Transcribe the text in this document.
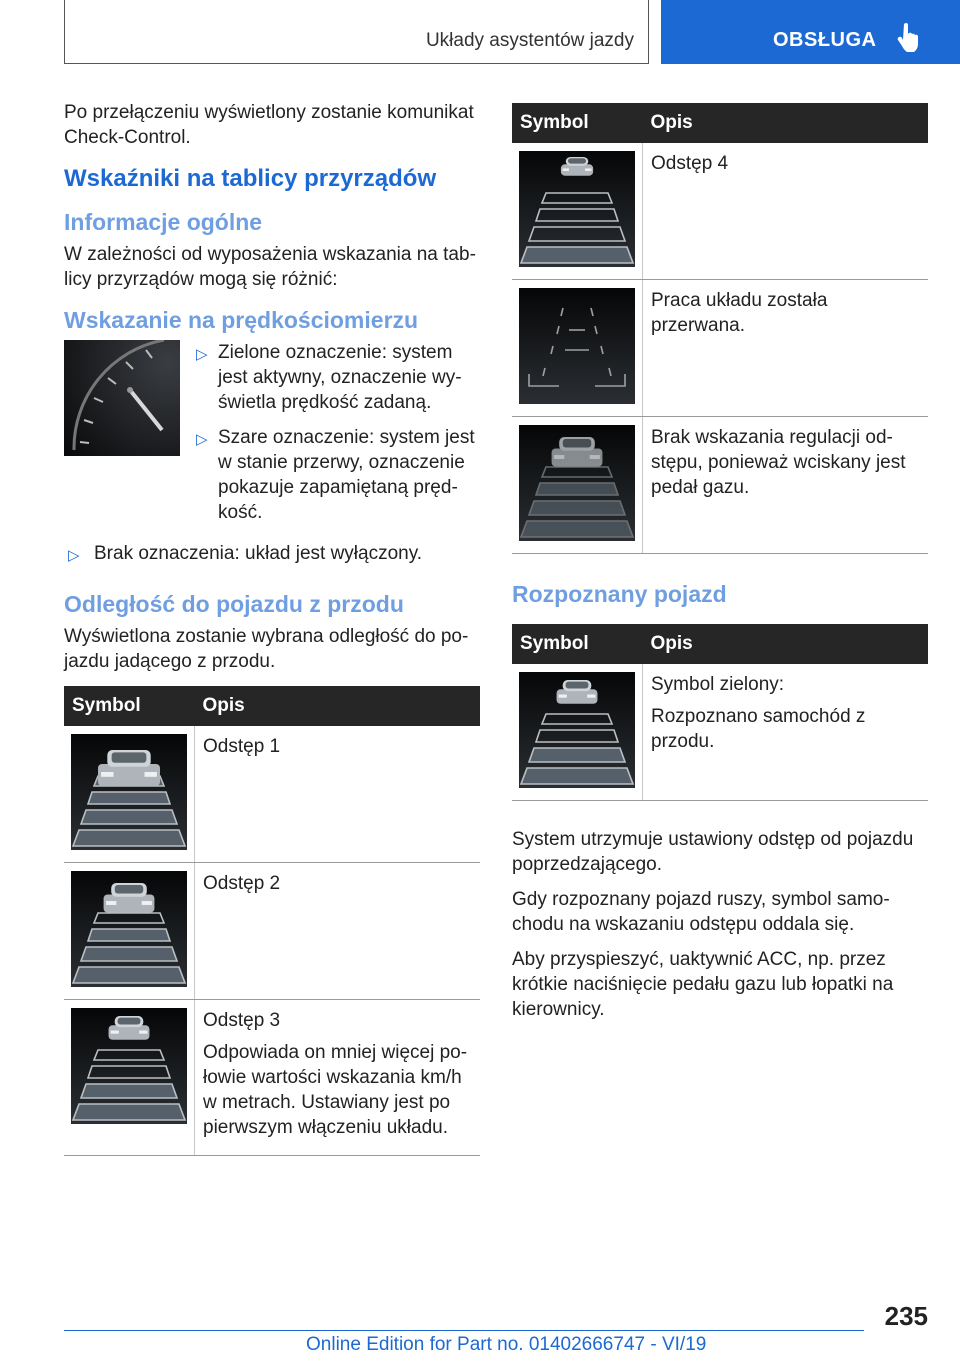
Układy asystentów jazdy	OBSŁUGA

Po przełączeniu wyświetlony zostanie komunikat Check-Control.

Wskaźniki na tablicy przyrządów
Informacje ogólne

W zależności od wyposażenia wskazania na tablicy przyrządów mogą się różnić:

Wskazanie na prędkościomierzu
▷ Zielone oznaczenie: system jest aktywny, oznaczenie wyświetla prędkość zadaną.
▷ Szare oznaczenie: system jest w stanie przerwy, oznaczenie pokazuje zapamiętaną prędkość.
▷ Brak oznaczenia: układ jest wyłączony.
Odległość do pojazdu z przodu

Wyświetlona zostanie wybrana odległość do pojazdu jadącego z przodu.

Symbol	Opis

Odstęp 1

Odstęp 2

Odstęp 3

Odpowiada on mniej więcej połowie wartości wskazania km/h w metrach. Ustawiany jest po pierwszym włączeniu układu.

Symbol	Opis

Odstęp 4

Praca układu została przerwana.

Brak wskazania regulacji odstępu, ponieważ wciskany jest pedał gazu.

Rozpoznany pojazd
Symbol	Opis

Symbol zielony:

Rozpoznano samochód z przodu.

System utrzymuje ustawiony odstęp od pojazdu poprzedzającego.

Gdy rozpoznany pojazd ruszy, symbol samochodu na wskazaniu odstępu oddala się.

Aby przyspieszyć, uaktywnić ACC, np. przez krótkie naciśnięcie pedału gazu lub łopatki na kierownicy.

235
Online Edition for Part no. 01402666747 - VI/19
